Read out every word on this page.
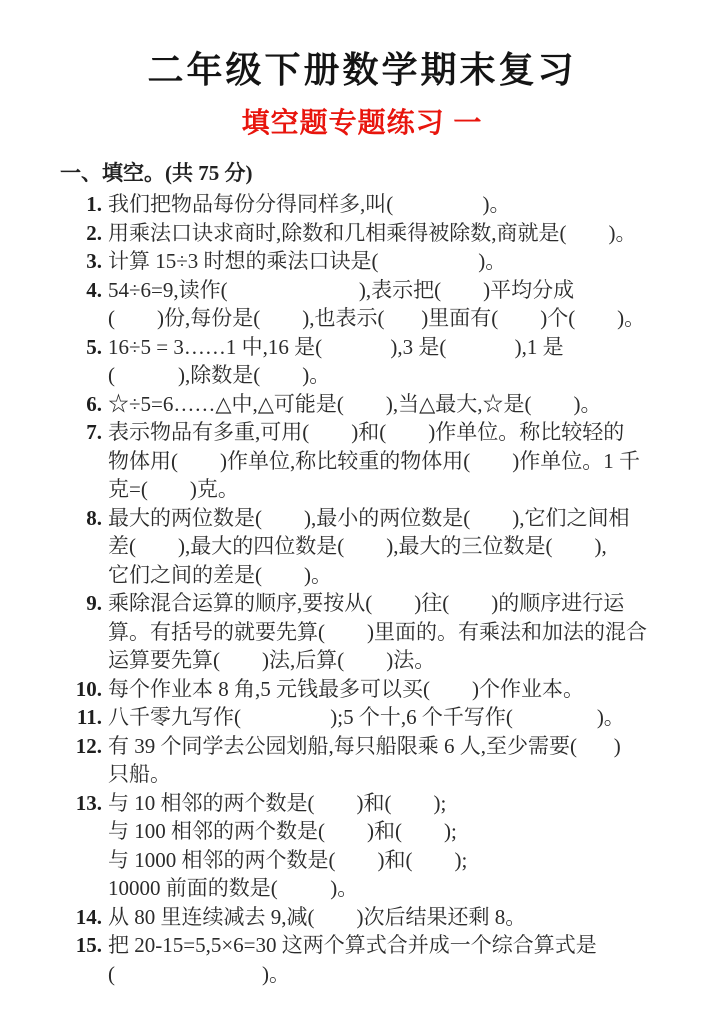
二年级下册数学期末复习
填空题专题练习 一
一、填空。(共 75 分)
1. 我们把物品每份分得同样多,叫(                 )。
2. 用乘法口诀求商时,除数和几相乘得被除数,商就是(        )。
3. 计算 15÷3 时想的乘法口诀是(                   )。
4. 54÷6=9,读作(                         ),表示把(        )平均分成
(        )份,每份是(        ),也表示(       )里面有(        )个(        )。
5. 16÷5 = 3……1 中,16 是(             ),3 是(             ),1 是
(            ),除数是(        )。
6. ☆÷5=6……△中,△可能是(        ),当△最大,☆是(        )。
7. 表示物品有多重,可用(        )和(        )作单位。称比较轻的
物体用(        )作单位,称比较重的物体用(        )作单位。1 千
克=(        )克。
8. 最大的两位数是(        ),最小的两位数是(        ),它们之间相
差(        ),最大的四位数是(        ),最大的三位数是(        ),
它们之间的差是(        )。
9. 乘除混合运算的顺序,要按从(        )往(        )的顺序进行运
算。有括号的就要先算(        )里面的。有乘法和加法的混合
运算要先算(        )法,后算(        )法。
10. 每个作业本 8 角,5 元钱最多可以买(        )个作业本。
11. 八千零九写作(                 );5 个十,6 个千写作(                )。
12. 有 39 个同学去公园划船,每只船限乘 6 人,至少需要(       )
只船。
13. 与 10 相邻的两个数是(        )和(        );
与 100 相邻的两个数是(        )和(        );
与 1000 相邻的两个数是(        )和(        );
10000 前面的数是(          )。
14. 从 80 里连续减去 9,减(        )次后结果还剩 8。
15. 把 20-15=5,5×6=30 这两个算式合并成一个综合算式是
(                            )。
